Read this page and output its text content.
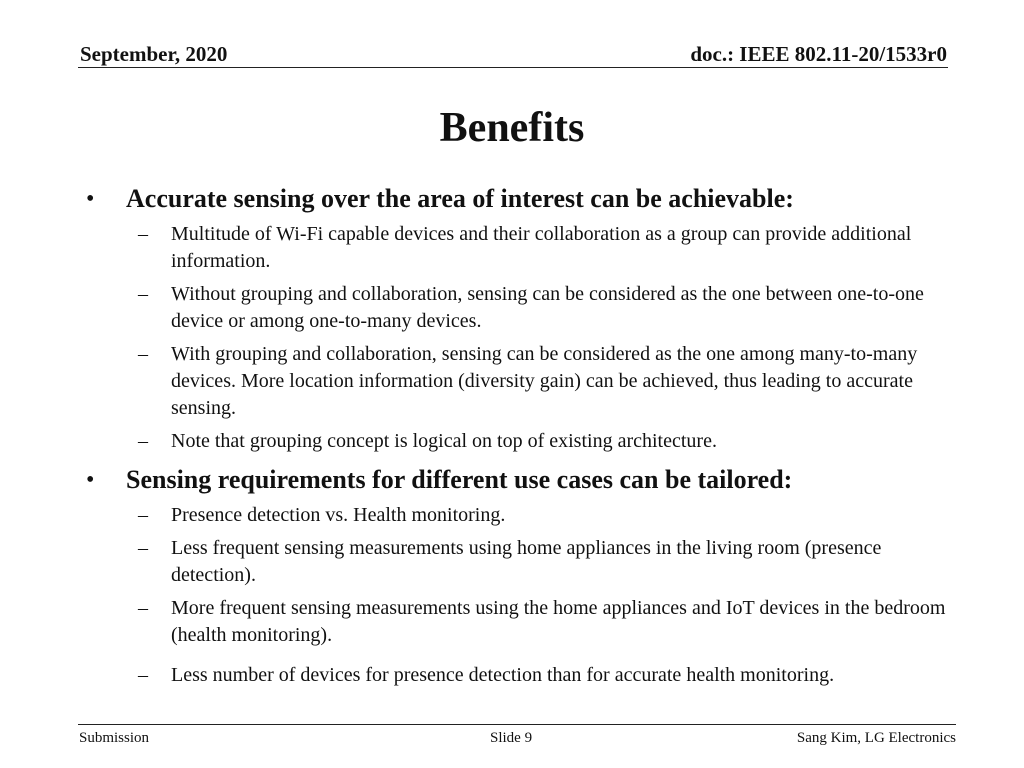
September, 2020	doc.: IEEE 802.11-20/1533r0
Benefits
•	Accurate sensing over the area of interest can be achievable:
–	Multitude of Wi-Fi capable devices and their collaboration as a group can provide additional information.
–	Without grouping and collaboration, sensing can be considered as the one between one-to-one device or among one-to-many devices.
–	With grouping and collaboration, sensing can be considered as the one among many-to-many devices. More location information (diversity gain) can be achieved, thus leading to accurate sensing.
–	Note that grouping concept is logical on top of existing architecture.
•	Sensing requirements for different use cases can be tailored:
–	Presence detection vs. Health monitoring.
–	Less frequent sensing measurements using home appliances in the living room (presence detection).
–	More frequent sensing measurements using the home appliances and IoT devices in the bedroom (health monitoring).
–	Less number of devices for presence detection than for accurate health monitoring.
Submission	Slide 9	Sang Kim, LG Electronics
